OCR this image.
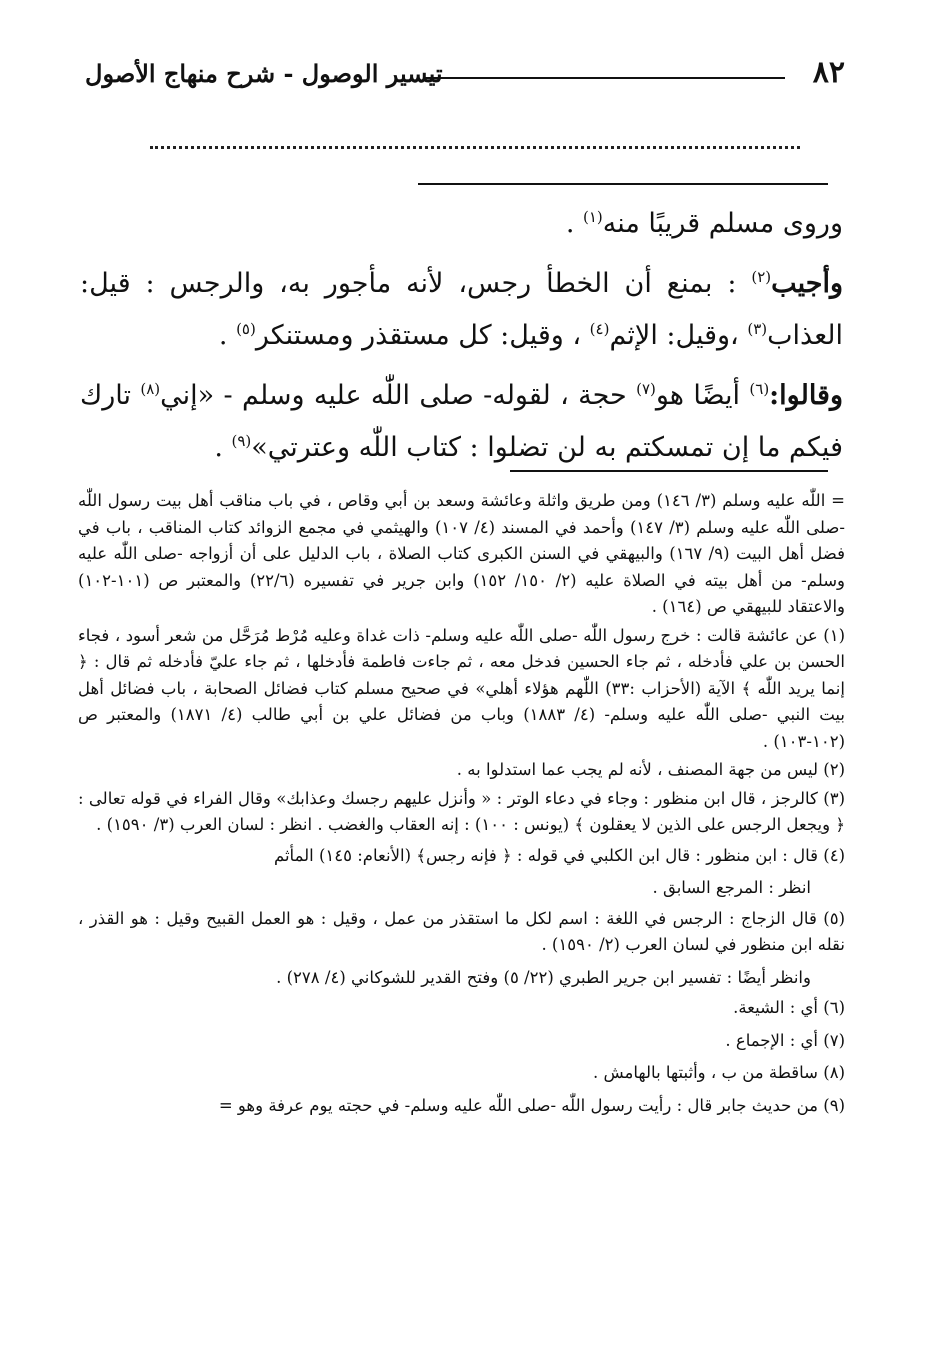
٨٢
تيسير الوصول - شرح منهاج الأصول

وروى مسلم قريبًا منه$^{(١)}$ .

وأجيب$^{(٢)}$ : بمنع أن الخطأ رجس، لأنه مأجور به، والرجس : قيل: العذاب$^{(٣)}$ ،وقيل: الإثم$^{(٤)}$ ، وقيل: كل مستقذر ومستنكر$^{(٥)}$ .

وقالوا:$^{(٦)}$ أيضًا هو$^{(٧)}$ حجة ، لقوله- صلى اللّٰه عليه وسلم - «إني$^{(٨)}$ تارك فيكم ما إن تمسكتم به لن تضلوا : كتاب اللّٰه وعترتي»$^{(٩)}$ .

= اللّٰه عليه وسلم (٣/ ١٤٦) ومن طريق واثلة وعائشة وسعد بن أبي وقاص ، في باب مناقب أهل بيت رسول اللّٰه -صلى اللّٰه عليه وسلم (٣/ ١٤٧) وأحمد في المسند (٤/ ١٠٧) والهيثمي في مجمع الزوائد كتاب المناقب ، باب في فضل أهل البيت (٩/ ١٦٧) والبيهقي في السنن الكبرى كتاب الصلاة ، باب الدليل على أن أزواجه -صلى اللّٰه عليه وسلم- من أهل بيته في الصلاة عليه (٢/ ١٥٠/ ١٥٢) وابن جرير في تفسيره (٢٢/٦) والمعتبر ص (١٠١-١٠٢) والاعتقاد للبيهقي ص (١٦٤) .

(١) عن عائشة قالت : خرج رسول اللّٰه -صلى اللّٰه عليه وسلم- ذات غداة وعليه مُرْط مُرَحَّل من شعر أسود ، فجاء الحسن بن علي فأدخله ، ثم جاء الحسين فدخل معه ، ثم جاءت فاطمة فأدخلها ، ثم جاء عليّ فأدخله ثم قال : ﴿ إنما يريد اللّٰه ﴾ الآية (الأحزاب :٣٣) اللّٰهم هؤلاء أهلي» في صحيح مسلم كتاب فضائل الصحابة ، باب فضائل أهل بيت النبي -صلى اللّٰه عليه وسلم- (٤/ ١٨٨٣) وباب من فضائل علي بن أبي طالب (٤/ ١٨٧١) والمعتبر ص (١٠٢-١٠٣) .

(٢) ليس من جهة المصنف ، لأنه لم يجب عما استدلوا به .

(٣) كالرجز ، قال ابن منظور : وجاء في دعاء الوتر : « وأنزل عليهم رجسك وعذابك» وقال الفراء في قوله تعالى : ﴿ ويجعل الرجس على الذين لا يعقلون ﴾ (يونس : ١٠٠) : إنه العقاب والغضب . انظر : لسان العرب (٣/ ١٥٩٠) .

(٤) قال : ابن منظور : قال ابن الكلبي في قوله : ﴿ فإنه رجس﴾ (الأنعام: ١٤٥) المأثم

انظر : المرجع السابق .

(٥) قال الزجاج : الرجس في اللغة : اسم لكل ما استقذر من عمل ، وقيل : هو العمل القبيح وقيل : هو القذر ، نقله ابن منظور في لسان العرب (٢/ ١٥٩٠) .

وانظر أيضًا : تفسير ابن جرير الطبري (٢٢/ ٥) وفتح القدير للشوكاني (٤/ ٢٧٨) .

(٦) أي : الشيعة.

(٧) أي : الإجماع .

(٨) ساقطة من ب ، وأثبتها بالهامش .

(٩) من حديث جابر قال : رأيت رسول اللّٰه -صلى اللّٰه عليه وسلم- في حجته يوم عرفة وهو =
